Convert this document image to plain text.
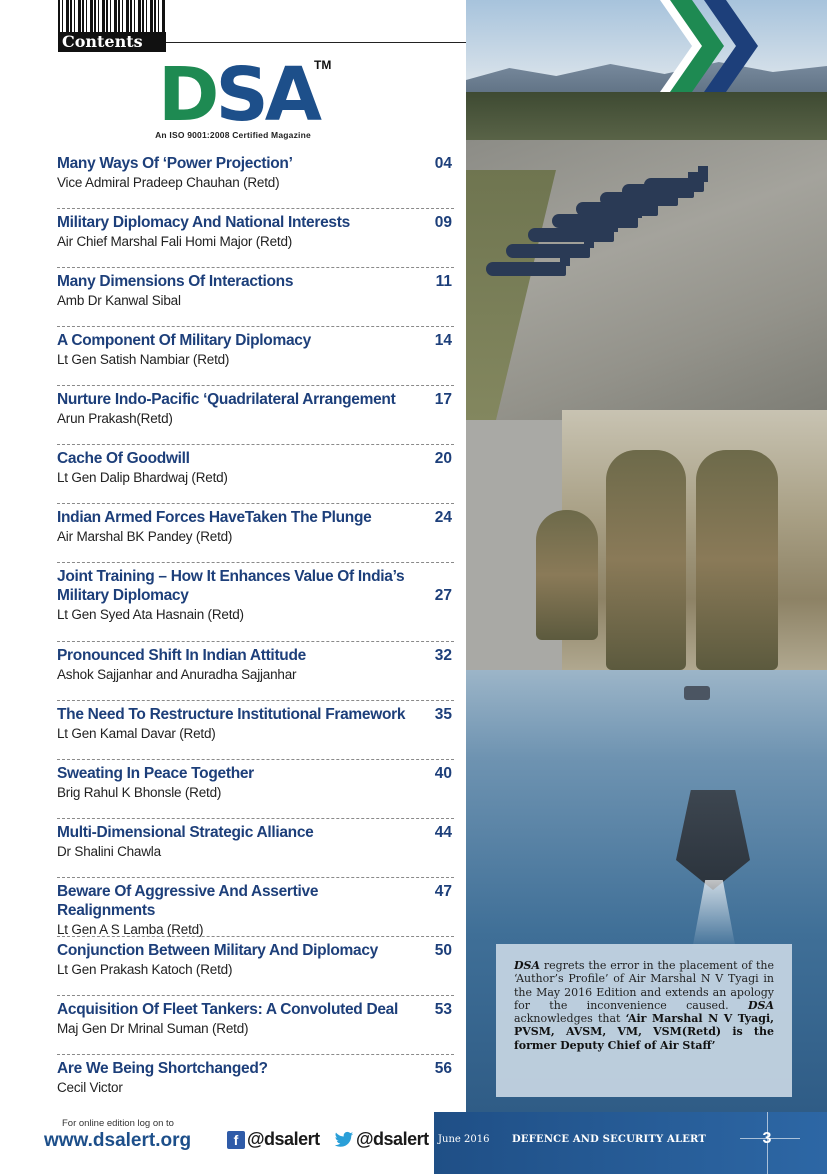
Contents
DSA
TM
An ISO 9001:2008 Certified Magazine
Many Ways Of ‘Power Projection’
Vice Admiral Pradeep Chauhan (Retd)
04
Military Diplomacy And National Interests
Air Chief Marshal Fali Homi Major (Retd)
09
Many Dimensions Of Interactions
Amb Dr Kanwal Sibal
11
A Component Of Military Diplomacy
Lt Gen Satish Nambiar (Retd)
14
Nurture Indo-Pacific ‘Quadrilateral Arrangement
Arun Prakash(Retd)
17
Cache Of Goodwill
Lt Gen Dalip Bhardwaj (Retd)
20
Indian Armed Forces HaveTaken The Plunge
Air Marshal BK Pandey (Retd)
24
Joint Training – How It Enhances Value Of India’s Military Diplomacy
Lt Gen Syed Ata Hasnain (Retd)
27
Pronounced Shift In Indian Attitude
Ashok Sajjanhar and Anuradha Sajjanhar
32
The Need To Restructure Institutional Framework
Lt Gen Kamal Davar (Retd)
35
Sweating In Peace Together
Brig Rahul K Bhonsle (Retd)
40
Multi-Dimensional Strategic Alliance
Dr Shalini Chawla
44
Beware Of Aggressive And Assertive Realignments
Lt Gen A S Lamba (Retd)
47
Conjunction Between Military And Diplomacy
Lt Gen Prakash Katoch (Retd)
50
Acquisition Of Fleet Tankers: A Convoluted Deal
Maj Gen Dr Mrinal Suman (Retd)
53
Are We Being Shortchanged?
Cecil Victor
56
DSA regrets the error in the placement of the ‘Author’s Profile’ of Air Marshal N V Tyagi in the May 2016 Edition and extends an apology for the inconvenience caused. DSA acknowledges that ‘Air Marshal N V Tyagi, PVSM, AVSM, VM, VSM(Retd) is the former Deputy Chief of Air Staff’
For online edition log on to
www.dsalert.org	f @dsalert @dsalert June 2016 DEFENCE AND SECURITY ALERT	3
